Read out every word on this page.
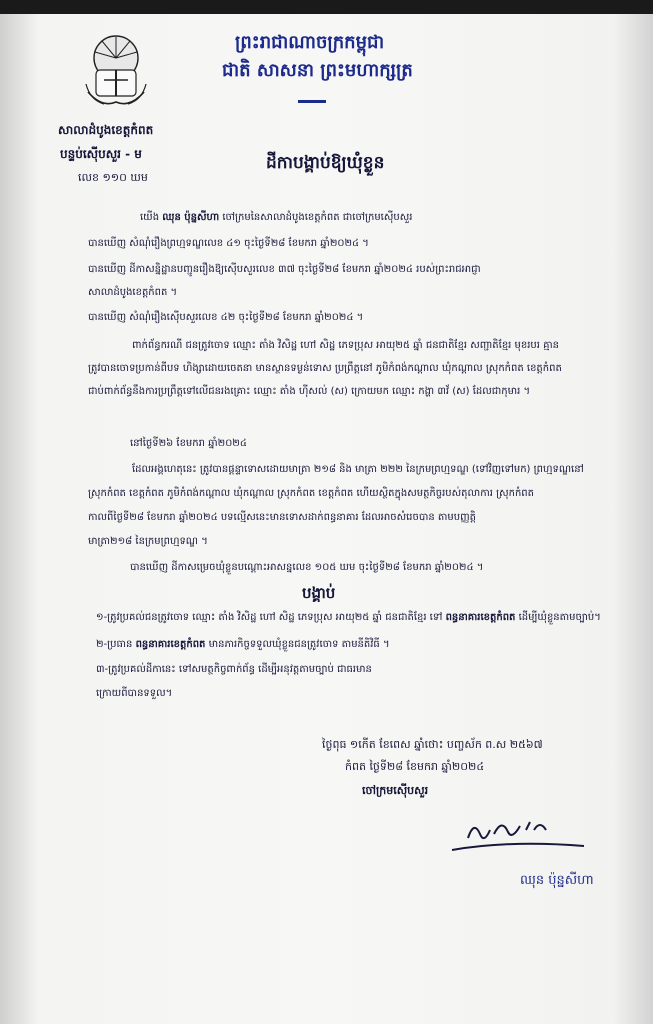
ព្រះរាជាណាចក្រកម្ពុជា
ជាតិ សាសនា ព្រះមហាក្សត្រ
សាលាដំបូងខេត្តកំពត
បន្ទប់ស៊ើបសួរ - ម
លេខ ១១០ ឃម
ដីកាបង្គាប់ឱ្យឃុំខ្លួន
យើង ឈុន ប៉ុន្នសីហា ចៅក្រមនៃសាលាដំបូងខេត្តកំពត ជាចៅក្រមស៊ើបសួរ
បានឃើញ សំណុំរឿងព្រហ្មទណ្ឌលេខ ៤១ ចុះថ្ងៃទី២៨ ខែមករា ឆ្នាំ២០២៤ ។
បានឃើញ ដីកាសន្និដ្ឋានបញ្ជូនរឿងឱ្យស៊ើបសួរលេខ ៣៧ ចុះថ្ងៃទី២៨ ខែមករា ឆ្នាំ២០២៤ របស់ព្រះរាជអាជ្ញា
សាលាដំបូងខេត្តកំពត ។
បានឃើញ សំណុំរឿងស៊ើបសួរលេខ ៤២ ចុះថ្ងៃទី២៨ ខែមករា ឆ្នាំ២០២៤ ។
ពាក់ព័ន្ធករណី ជនត្រូវចោទ ឈ្មោះ តាំង វិសិដ្ឋ ហៅ សិដ្ឋ ភេទប្រុស អាយុ២៥ ឆ្នាំ ជនជាតិខ្មែរ សញ្ជាតិខ្មែរ មុខរបរ គ្មាន
ត្រូវបានចោទប្រកាន់ពីបទ ហិង្សាដោយចេតនា មានស្ថានទម្ងន់ទោស ប្រព្រឹត្តនៅ ភូមិកំពង់កណ្តាល ឃុំកណ្តាល ស្រុកកំពត ខេត្តកំពត
ជាប់ពាក់ព័ន្ធនឹងការប្រព្រឹត្តទៅលើជនរងគ្រោះ ឈ្មោះ តាំង ហ៊ីសល់ (ស) ក្រោយមក ឈ្មោះ កង្ហា ៣វ័ (ស) ដែលជាកុមារ ។
នៅថ្ងៃទី២៦ ខែមករា ឆ្នាំ២០២៤
ដែលអង្គហេតុនេះ ត្រូវបានផ្តន្ទាទោសដោយមាត្រា ២១៨ និង មាត្រា ២២២ នៃក្រមព្រហ្មទណ្ឌ (ទៅវិញទៅមក) ព្រហ្មទណ្ឌនៅ
ស្រុកកំពត ខេត្តកំពត ភូមិកំពង់កណ្តាល ឃុំកណ្តាល ស្រុកកំពត ខេត្តកំពត ហើយស្ថិតក្នុងសមត្ថកិច្ចរបស់តុលាការ ស្រុកកំពត
កាលពីថ្ងៃទី២៨ ខែមករា ឆ្នាំ២០២៤ បទល្មើសនេះមានទោសដាក់ពន្ធនាគារ ដែលអាចសំរេចបាន តាមបញ្ញត្តិ
មាត្រា២១៨ នៃក្រមព្រហ្មទណ្ឌ ។
បានឃើញ ដីកាសម្រេចឃុំខ្លួនបណ្តោះអាសន្នលេខ ១០៥ ឃម ចុះថ្ងៃទី២៨ ខែមករា ឆ្នាំ២០២៤ ។
បង្គាប់
១-ត្រូវប្រគល់ជនត្រូវចោទ ឈ្មោះ តាំង វិសិដ្ឋ ហៅ សិដ្ឋ ភេទប្រុស អាយុ២៥ ឆ្នាំ ជនជាតិខ្មែរ ទៅ ពន្ធនាគារខេត្តកំពត ដើម្បីឃុំខ្លួនតាមច្បាប់។
២-ប្រធាន ពន្ធនាគារខេត្តកំពត មានភារកិច្ចទទួលឃុំខ្លួនជនត្រូវចោទ តាមនីតិវិធី ។
៣-ត្រូវប្រគល់ដីកានេះ ទៅសមត្ថកិច្ចពាក់ព័ន្ធ ដើម្បីអនុវត្តតាមច្បាប់ ជាធរមាន
ក្រោយពីបានទទួល។
ថ្ងៃពុធ ១កើត ខែពេស ឆ្នាំថោះ បញ្ចស័ក ព.ស ២៥៦៧
កំពត ថ្ងៃទី២៨ ខែមករា ឆ្នាំ២០២៤
ចៅក្រមស៊ើបសួរ
ឈុន ប៉ុន្នសីហា
